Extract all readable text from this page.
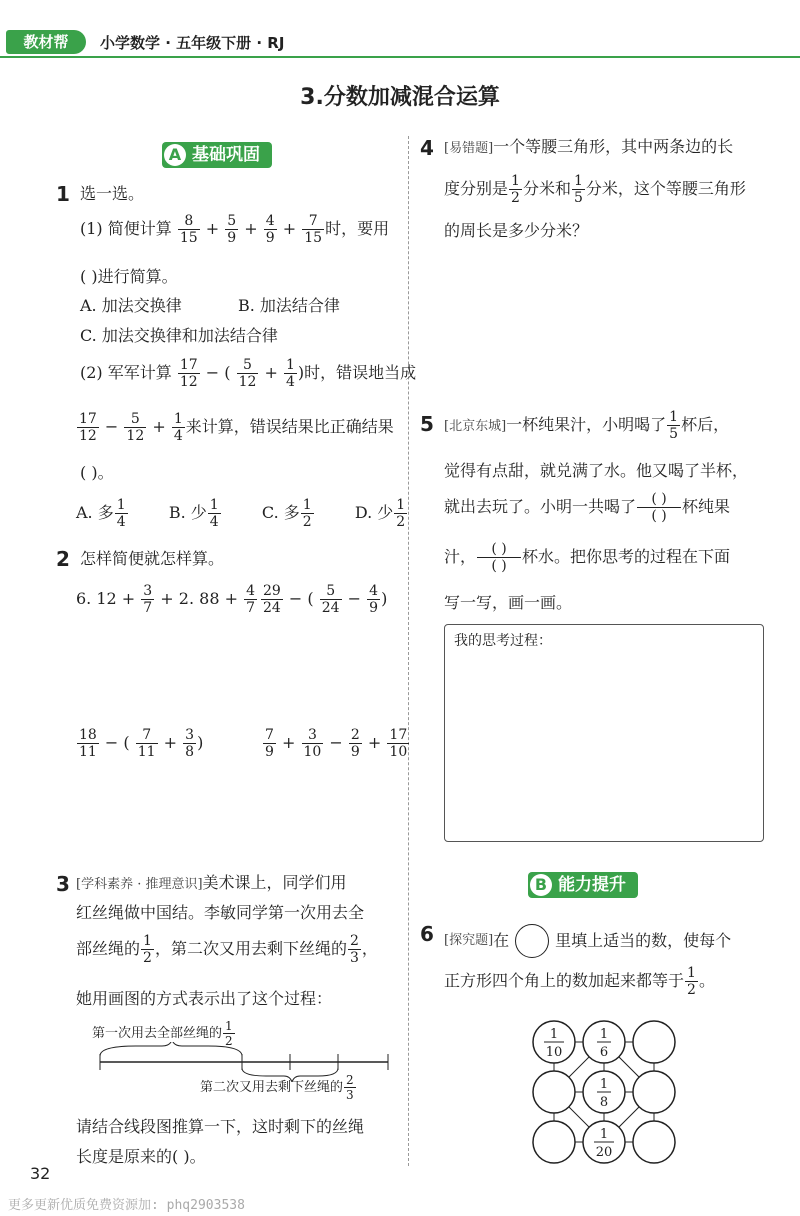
教材帮	小学数学 · 五年级下册 · RJ
3.分数加减混合运算
A 基础巩固
1 选一选。
(1) 简便计算 $\frac{8}{15} + \frac{5}{9} + \frac{4}{9} + \frac{7}{15}$ 时，要用
( )进行简算。
A. 加法交换律	B. 加法结合律
C. 加法交换律和加法结合律
(2) 军军计算 $\frac{17}{12}$ − ( $\frac{5}{12} + \frac{1}{4}$ )时，错误地当成
$\frac{17}{12} - \frac{5}{12} + \frac{1}{4}$ 来计算，错误结果比正确结果
( )。
A. 多 $\frac{1}{4}$	B. 少 $\frac{1}{4}$	C. 多 $\frac{1}{2}$	D. 少 $\frac{1}{2}$
2 怎样简便就怎样算。
6. $12 + \frac{3}{7} + 2$. $88 + \frac{4}{7} \frac{29}{24}$ − ( $\frac{5}{24} - \frac{4}{9}$ )
$\frac{18}{11}$ − ( $\frac{7}{11} + \frac{3}{8}$ )	$\frac{7}{9} + \frac{3}{10} - \frac{2}{9} + \frac{17}{10}$
3 [学科素养 · 推理意识]美术课上，同学们用
红丝绳做中国结。李敏同学第一次用去全
部丝绳的 $\frac{1}{2}$ ，第二次又用去剩下丝绳的 $\frac{2}{3}$ ，
她用画图的方式表示出了这个过程：
第一次用去全部丝绳的 $\frac{1}{2}$
第二次又用去剩下丝绳的 $\frac{2}{3}$
请结合线段图推算一下，这时剩下的丝绳
长度是原来的( )。
4 [易错题]一个等腰三角形，其中两条边的长
度分别是 $\frac{1}{2}$ 分米和 $\frac{1}{5}$ 分米，这个等腰三角形
的周长是多少分米？
5 [北京东城]一杯纯果汁，小明喝了 $\frac{1}{5}$ 杯后，
觉得有点甜，就兑满了水。他又喝了半杯，
就出去玩了。小明一共喝了 $\frac{( )}{( )}$ 杯纯果
汁， $\frac{( )}{( )}$ 杯水。把你思考的过程在下面
写一写，画一画。
我的思考过程：
B 能力提升
6 [探究题] 在	里填上适当的数，使每个
正方形四个角上的数加起来都等于 $\frac{1}{2}$ 。
1
10
1
6
1
8
1
20
32
更多更新优质免费资源加: phq2903538
